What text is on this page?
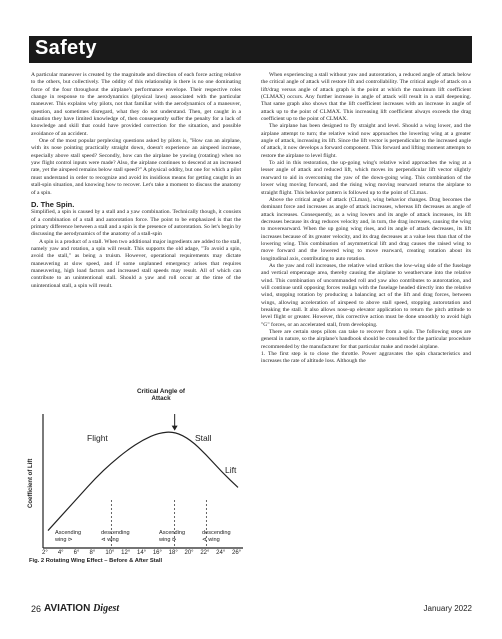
Safety

A particular maneuver is created by the magnitude and direction of each force acting relative to the others, but collectively. The oddity of this relationship is there is no one dominating force of the four throughout the airplane's performance envelope. Their respective roles change in response to the aerodynamics (physical laws) associated with the particular maneuver. This explains why pilots, not that familiar with the aerodynamics of a maneuver, question, and sometimes disregard, what they do not understand. Then, get caught in a situation they have limited knowledge of, then consequently suffer the penalty for a lack of knowledge and skill that could have provided correction for the situation, and possible avoidance of an accident.

One of the most popular perplexing questions asked by pilots is, "How can an airplane, with its nose pointing practically straight down, doesn't experience an airspeed increase, especially above stall speed? Secondly, how can the airplane be yawing (rotating) when no yaw flight control inputs were made? Also, the airplane continues to descend at an increased rate, yet the airspeed remains below stall speed?" A physical oddity, but one for which a pilot must understand in order to recognize and avoid its insidious means for getting caught in an stall-spin situation, and knowing how to recover. Let's take a moment to discuss the anatomy of a spin.

D. The Spin.

Simplified, a spin is caused by a stall and a yaw combination. Technically though, it consists of a combination of a stall and autorotation force. The point to be emphasized is that the primary difference between a stall and a spin is the presence of autorotation. So let's begin by discussing the aerodynamics of the anatomy of a stall-spin

A spin is a product of a stall. When two additional major ingredients are added to the stall, namely yaw and rotation, a spin will result. This supports the old adage, "To avoid a spin, avoid the stall," as being a truism. However, operational requirements may dictate maneuvering at slow speed, and if some unplanned emergency arises that requires maneuvering, high load factors and increased stall speeds may result. All of which can contribute to an unintentional stall. Should a yaw and roll occur at the time of the unintentional stall, a spin will result.

When experiencing a stall without yaw and autorotation, a reduced angle of attack below the critical angle of attack will restore lift and controllability. The critical angle of attack on a lift/drag versus angle of attack graph is the point at which the maximum lift coefficient (CLMAX) occurs. Any further increase in angle of attack will result in a stall deepening. That same graph also shows that the lift coefficient increases with an increase in angle of attack up to the point of CLMAX. This increasing lift coefficient always exceeds the drag coefficient up to the point of CLMAX.

The airplane has been designed to fly straight and level. Should a wing lower, and the airplane attempt to turn; the relative wind now approaches the lowering wing at a greater angle of attack, increasing its lift. Since the lift vector is perpendicular to the increased angle of attack, it now develops a forward component. This forward and lifting moment attempts to restore the airplane to level flight.

To aid in this restoration, the up-going wing's relative wind approaches the wing at a lesser angle of attack and reduced lift, which moves its perpendicular lift vector slightly rearward to aid in overcoming the yaw of the down-going wing. This combination of the lower wing moving forward, and the rising wing moving rearward returns the airplane to straight flight. This behavior pattern is followed up to the point of CLmax.

Above the critical angle of attack (CLmax), wing behavior changes. Drag becomes the dominant force and increases as angle of attack increases, whereas lift decreases as angle of attack increases. Consequently, as a wing lowers and its angle of attack increases, its lift decreases because its drag reduces velocity and, in turn, the drag increases, causing the wing to moverearward. When the up going wing rises, and its angle of attack decreases, its lift increases because of its greater velocity, and its drag decreases at a value less than that of the lowering wing. This combination of asymmetrical lift and drag causes the raised wing to move forward and the lowered wing to move rearward, creating rotation about its longitudinal axis, contributing to auto rotation.

As the yaw and roll increases, the relative wind strikes the low-wing side of the fuselage and vertical empennage area, thereby causing the airplane to weathervane into the relative wind. This combination of uncommanded roll and yaw also contributes to autorotation, and will continue until opposing forces realign with the fuselage headed directly into the relative wind, stopping rotation by producing a balancing act of the lift and drag forces, between wings, allowing acceleration of airspeed to above stall speed, stopping autorotation and breaking the stall. It also allows nose-up elevator application to return the pitch attitude to level flight or greater. However, this corrective action must be done smoothly to avoid high "G" forces, or an accelerated stall, from developing.

There are certain steps pilots can take to recover from a spin. The following steps are general in nature, so the airplane's handbook should be consulted for the particular procedure recommended by the manufacturer for that particular make and model airplane.

1. The first step is to close the throttle. Power aggravates the spin characteristics and increases the rate of altitude loss. Although the

Critical Angle of
Attack
Coefficient of Lift
Flight	Stall
Lift
Ascending
wing ⊳
descending
⊲ wing
Ascending
wing ⊳
descending
⊲ wing
2° 4° 6° 8° 10° 12° 14° 16° 18° 20° 22° 24° 26°
Fig. 2 Rotating Wing Effect – Before & After Stall
26 AVIATION Digest	January 2022
